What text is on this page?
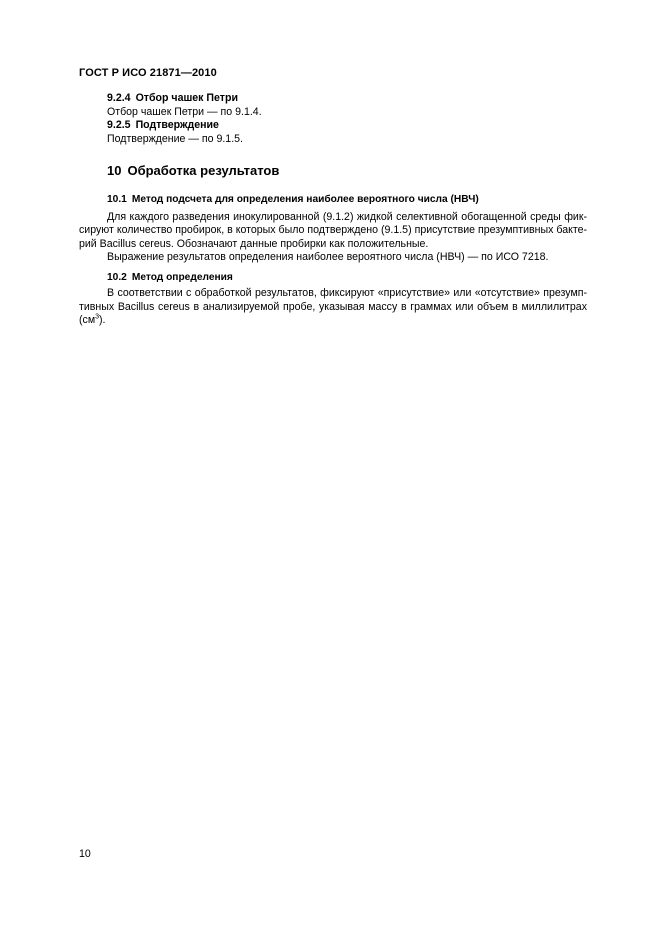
ГОСТ Р ИСО 21871—2010

9.2.4 Отбор чашек Петри

Отбор чашек Петри — по 9.1.4.

9.2.5 Подтверждение

Подтверждение — по 9.1.5.

10 Обработка результатов

10.1 Метод подсчета для определения наиболее вероятного числа (НВЧ)

Для каждого разведения инокулированной (9.1.2) жидкой селективной обогащенной среды фик-
сируют количество пробирок, в которых было подтверждено (9.1.5) присутствие презумптивных бакте-
рий Bacillus cereus. Обозначают данные пробирки как положительные.

Выражение результатов определения наиболее вероятного числа (НВЧ) — по ИСО 7218.

10.2 Метод определения

В соответствии с обработкой результатов, фиксируют «присутствие» или «отсутствие» презумп-
тивных Bacillus cereus в анализируемой пробе, указывая массу в граммах или объем в миллилитрах
$(см^3)$.

10
